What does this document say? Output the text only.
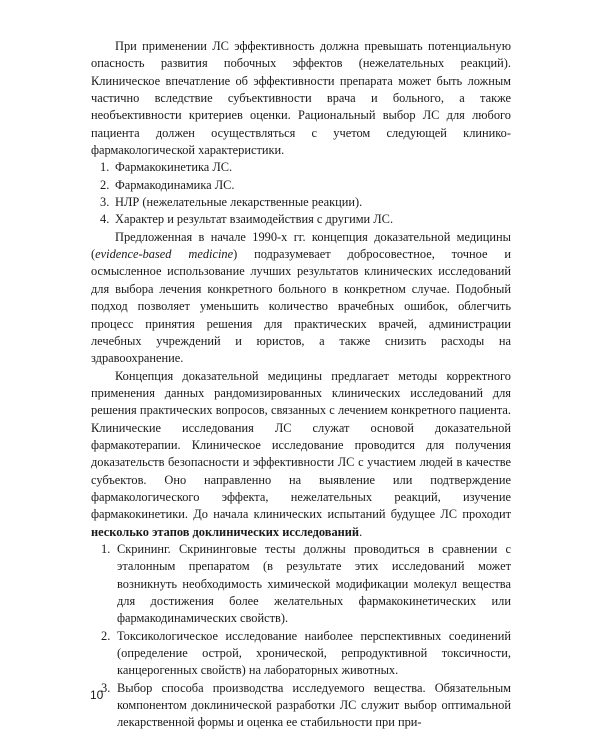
При применении ЛС эффективность должна превышать потенциальную опасность развития побочных эффектов (нежелательных реакций). Клиническое впечатление об эффективности препарата может быть ложным частично вследствие субъективности врача и больного, а также необъективности критериев оценки. Рациональный выбор ЛС для любого пациента должен осуществляться с учетом следующей клинико-фармакологической характеристики.

1. Фармакокинетика ЛС.
2. Фармакодинамика ЛС.
3. НЛР (нежелательные лекарственные реакции).
4. Характер и результат взаимодействия с другими ЛС.

Предложенная в начале 1990-х гг. концепция доказательной медицины (evidence-based medicine) подразумевает добросовестное, точное и осмысленное использование лучших результатов клинических исследований для выбора лечения конкретного больного в конкретном случае. Подобный подход позволяет уменьшить количество врачебных ошибок, облегчить процесс принятия решения для практических врачей, администрации лечебных учреждений и юристов, а также снизить расходы на здравоохранение.

Концепция доказательной медицины предлагает методы корректного применения данных рандомизированных клинических исследований для решения практических вопросов, связанных с лечением конкретного пациента. Клинические исследования ЛС служат основой доказательной фармакотерапии. Клиническое исследование проводится для получения доказательств безопасности и эффективности ЛС с участием людей в качестве субъектов. Оно направленно на выявление или подтверждение фармакологического эффекта, нежелательных реакций, изучение фармакокинетики. До начала клинических испытаний будущее ЛС проходит несколько этапов доклинических исследований.

1. Скрининг. Скрининговые тесты должны проводиться в сравнении с эталонным препаратом (в результате этих исследований может возникнуть необходимость химической модификации молекул вещества для достижения более желательных фармакокинетических или фармакодинамических свойств).
2. Токсикологическое исследование наиболее перспективных соединений (определение острой, хронической, репродуктивной токсичности, канцерогенных свойств) на лабораторных животных.
3. Выбор способа производства исследуемого вещества. Обязательным компонентом доклинической разработки ЛС служит выбор оптимальной лекарственной формы и оценка ее стабильности при при-
10
